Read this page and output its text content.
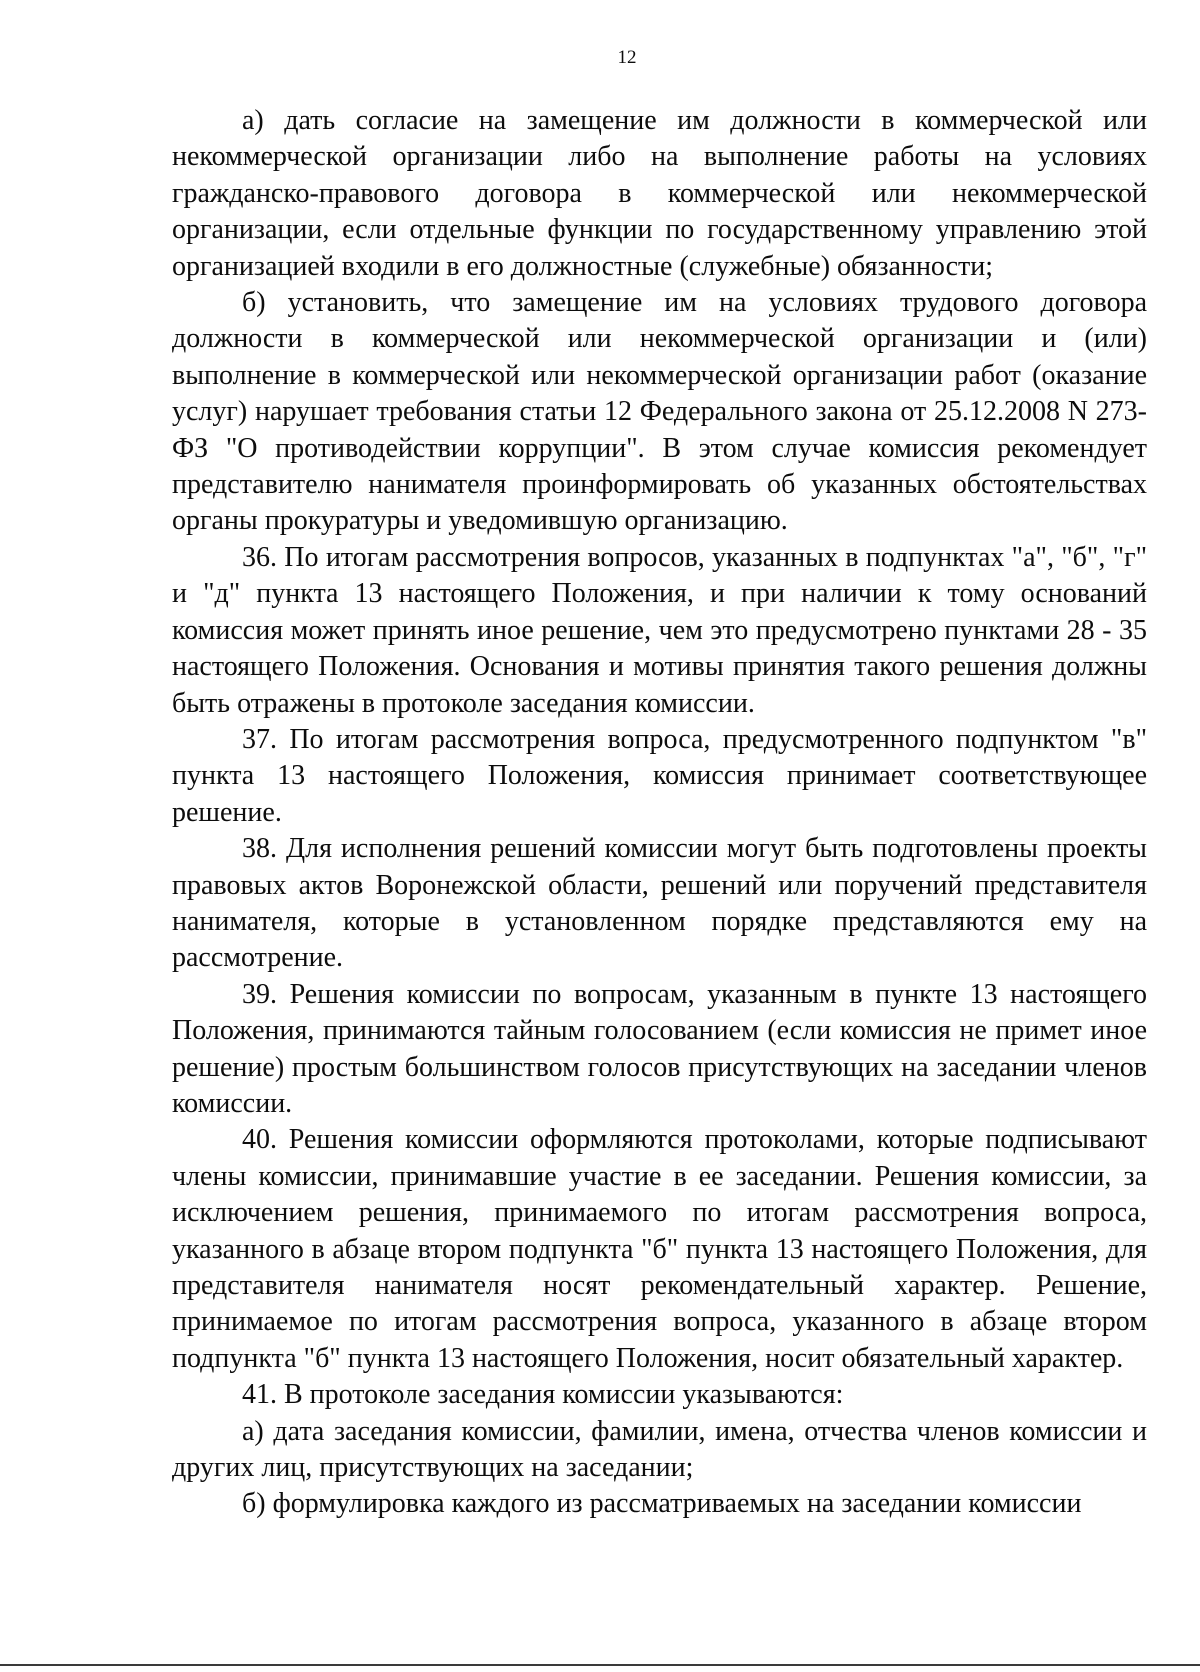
12

а) дать согласие на замещение им должности в коммерческой или некоммерческой организации либо на выполнение работы на условиях гражданско-правового договора в коммерческой или некоммерческой организации, если отдельные функции по государственному управлению этой организацией входили в его должностные (служебные) обязанности;

б) установить, что замещение им на условиях трудового договора должности в коммерческой или некоммерческой организации и (или) выполнение в коммерческой или некоммерческой организации работ (оказание услуг) нарушает требования статьи 12 Федерального закона от 25.12.2008 N 273-ФЗ "О противодействии коррупции". В этом случае комиссия рекомендует представителю нанимателя проинформировать об указанных обстоятельствах органы прокуратуры и уведомившую организацию.

36. По итогам рассмотрения вопросов, указанных в подпунктах "а", "б", "г" и "д" пункта 13 настоящего Положения, и при наличии к тому оснований комиссия может принять иное решение, чем это предусмотрено пунктами 28 - 35 настоящего Положения. Основания и мотивы принятия такого решения должны быть отражены в протоколе заседания комиссии.

37. По итогам рассмотрения вопроса, предусмотренного подпунктом "в" пункта 13 настоящего Положения, комиссия принимает соответствующее решение.

38. Для исполнения решений комиссии могут быть подготовлены проекты правовых актов Воронежской области, решений или поручений представителя нанимателя, которые в установленном порядке представляются ему на рассмотрение.

39. Решения комиссии по вопросам, указанным в пункте 13 настоящего Положения, принимаются тайным голосованием (если комиссия не примет иное решение) простым большинством голосов присутствующих на заседании членов комиссии.

40. Решения комиссии оформляются протоколами, которые подписывают члены комиссии, принимавшие участие в ее заседании. Решения комиссии, за исключением решения, принимаемого по итогам рассмотрения вопроса, указанного в абзаце втором подпункта "б" пункта 13 настоящего Положения, для представителя нанимателя носят рекомендательный характер. Решение, принимаемое по итогам рассмотрения вопроса, указанного в абзаце втором подпункта "б" пункта 13 настоящего Положения, носит обязательный характер.

41. В протоколе заседания комиссии указываются:

а) дата заседания комиссии, фамилии, имена, отчества членов комиссии и других лиц, присутствующих на заседании;

б) формулировка каждого из рассматриваемых на заседании комиссии
